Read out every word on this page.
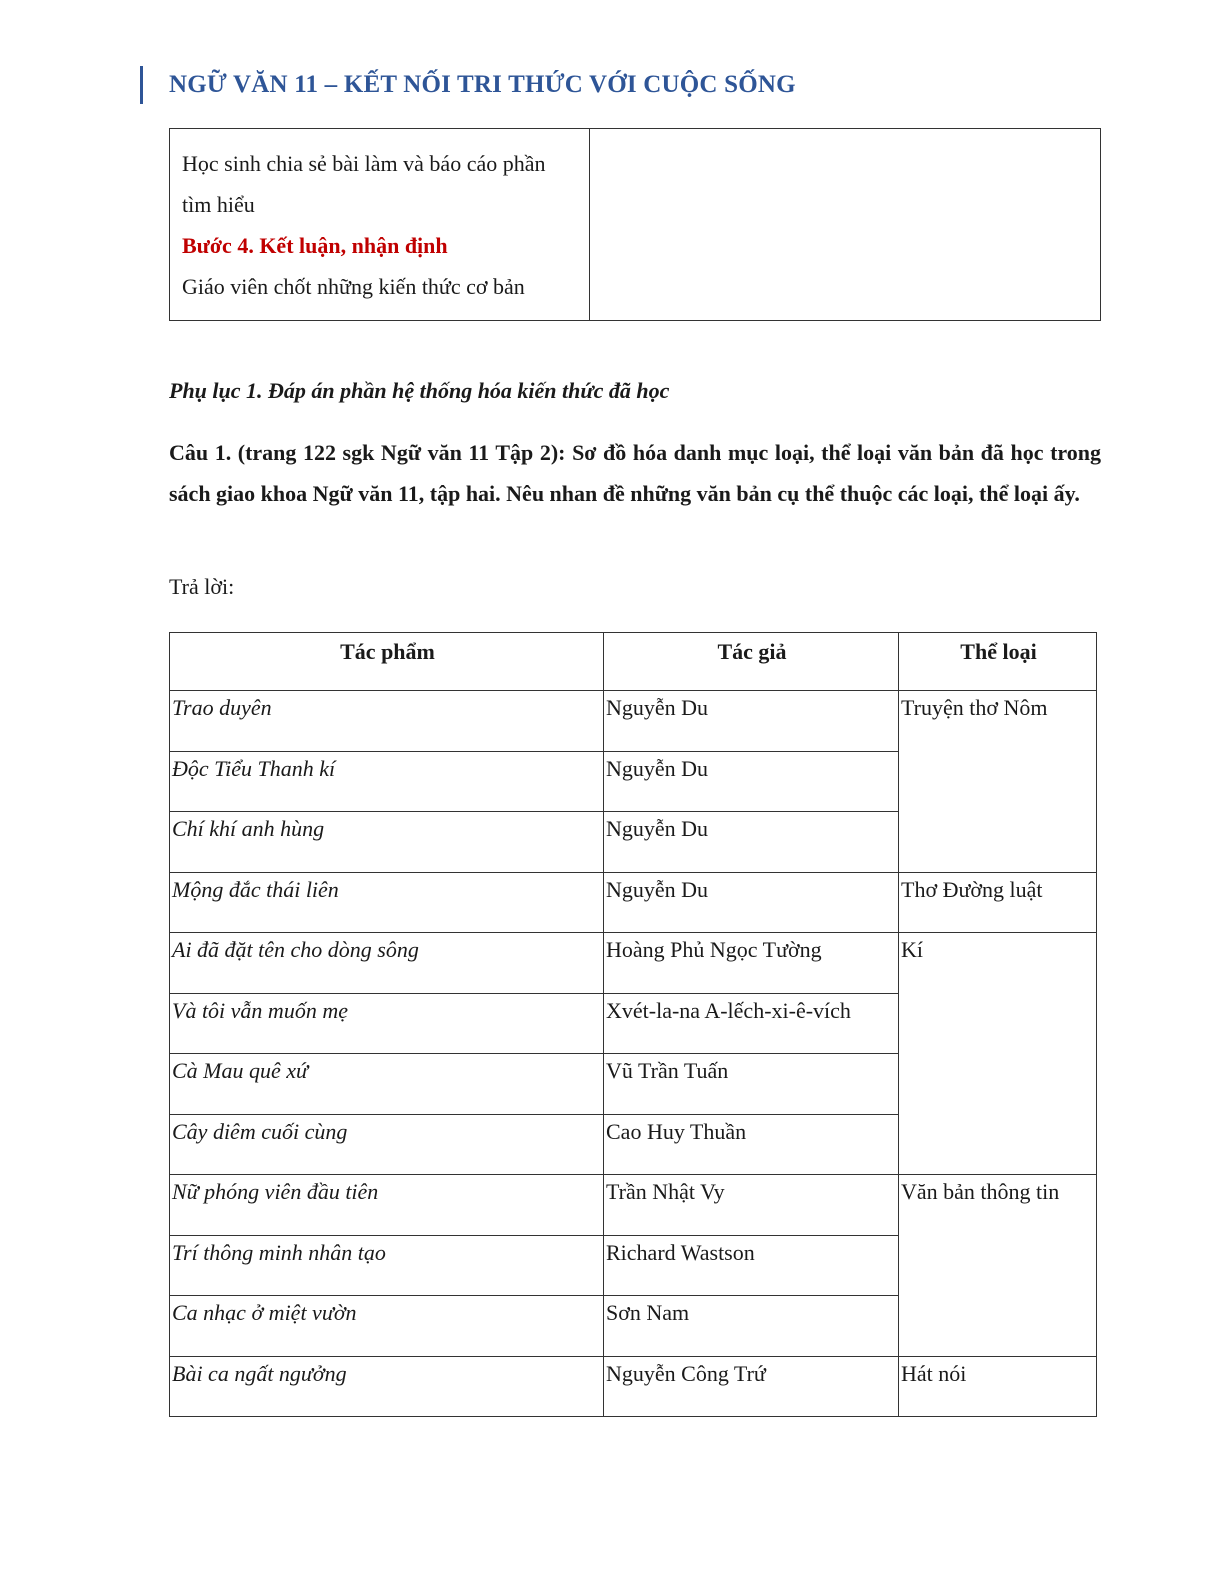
NGỮ VĂN 11 – KẾT NỐI TRI THỨC VỚI CUỘC SỐNG
Học sinh chia sẻ bài làm và báo cáo phần tìm hiểu
Bước 4. Kết luận, nhận định
Giáo viên chốt những kiến thức cơ bản

Phụ lục 1. Đáp án phần hệ thống hóa kiến thức đã học
Câu 1. (trang 122 sgk Ngữ văn 11 Tập 2): Sơ đồ hóa danh mục loại, thể loại văn bản đã học trong sách giao khoa Ngữ văn 11, tập hai. Nêu nhan đề những văn bản cụ thể thuộc các loại, thể loại ấy.
Trả lời:
Tác phẩm	Tác giả	Thể loại
Trao duyên	Nguyễn Du	Truyện thơ Nôm
Độc Tiểu Thanh kí	Nguyễn Du	
Chí khí anh hùng	Nguyễn Du	
Mộng đắc thái liên	Nguyễn Du	Thơ Đường luật
Ai đã đặt tên cho dòng sông	Hoàng Phủ Ngọc Tường	Kí
Và tôi vẫn muốn mẹ	Xvét-la-na A-lếch-xi-ê-vích	
Cà Mau quê xứ	Vũ Trần Tuấn	
Cây diêm cuối cùng	Cao Huy Thuần	
Nữ phóng viên đầu tiên	Trần Nhật Vy	Văn bản thông tin
Trí thông minh nhân tạo	Richard Wastson	
Ca nhạc ở miệt vườn	Sơn Nam	
Bài ca ngất ngưởng	Nguyễn Công Trứ	Hát nói
